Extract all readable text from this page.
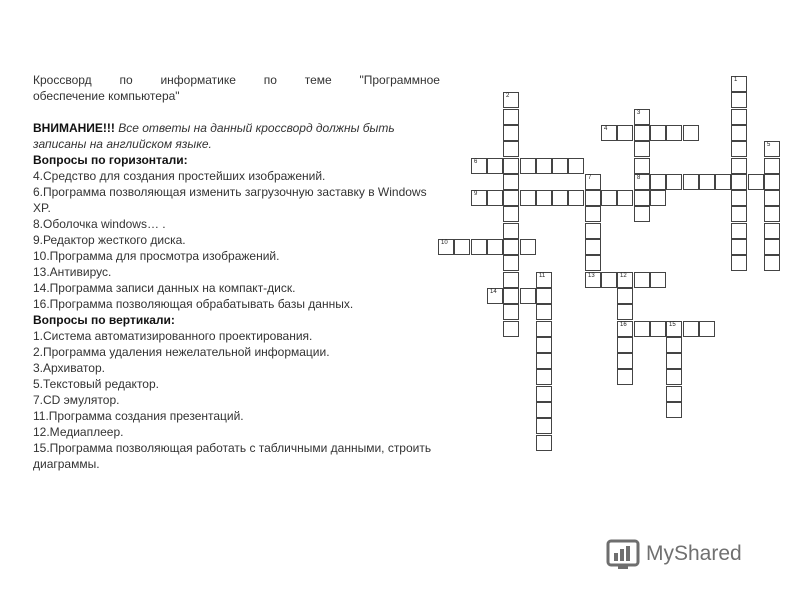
Кроссворд по информатике по теме "Программное
обеспечение компьютера"
ВНИМАНИЕ!!! Все ответы на данный кроссворд должны быть записаны на английском языке.
Вопросы по горизонтали:
4.Средство для создания простейших изображений.
6.Программа позволяющая изменить загрузочную заставку в Windows XP.
8.Оболочка windows… .
9.Редактор жесткого диска.
10.Программа для просмотра изображений.
13.Антивирус.
14.Программа записи данных на компакт-диск.
16.Программа позволяющая обрабатывать базы данных.
Вопросы по вертикали:
1.Система автоматизированного проектирования.
2.Программа удаления нежелательной информации.
3.Архиватор.
5.Текстовый редактор.
7.CD эмулятор.
11.Программа создания презентаций.
12.Медиаплеер.
15.Программа позволяющая работать с табличными данными, строить диаграммы.
4
6
8
9
10
13	12
14
16	15
1
2
3
5
7
11
MyShared
